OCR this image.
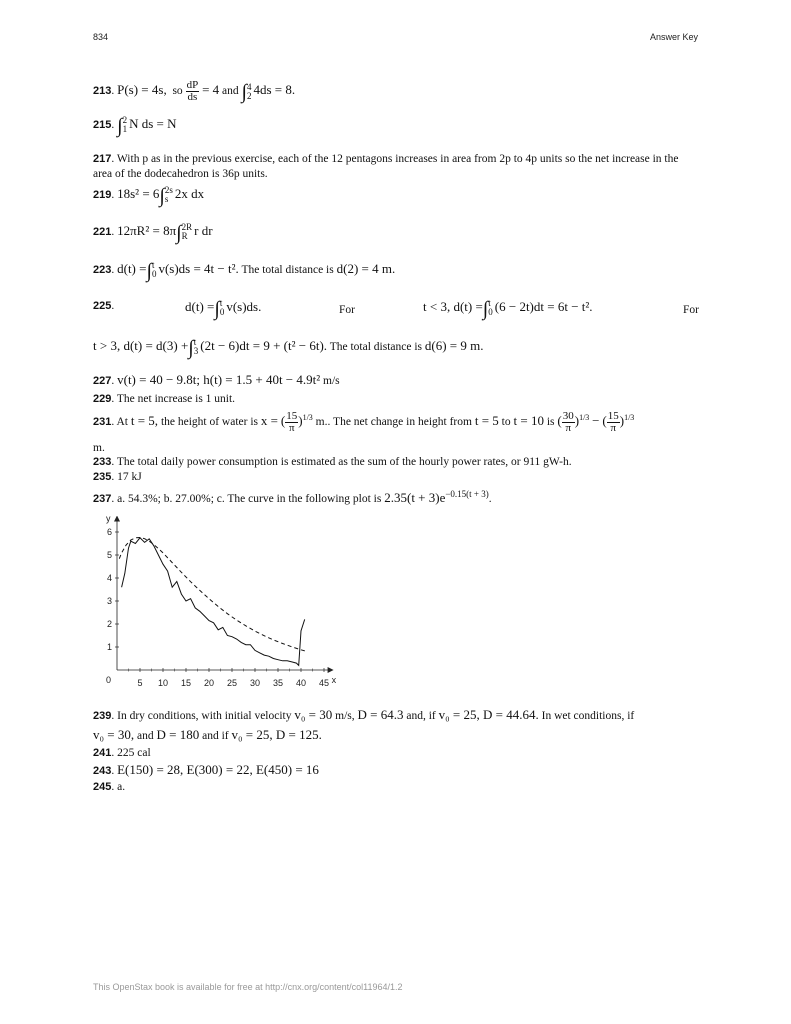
834	Answer Key
213. P(s) = 4s, so $\frac{dP}{ds} = 4$ and ∫ 4
2 4ds = 8.
215. ∫ 2
1 N ds = N
217. With p as in the previous exercise, each of the 12 pentagons increases in area from 2p to 4p units so the net increase in the area of the dodecahedron is 36p units.
219. 18s² = 6∫ 2s
s 2x dx
221. 12πR² = 8π∫ 2R
R r dr
223. d(t) =∫ t
0 v(s)ds = 4t − t². The total distance is d(2) = 4 m.
225.	d(t) =∫ t
0 v(s)ds.	For	t < 3, d(t) =∫ t
0 (6 − 2t)dt = 6t − t².	For
t > 3, d(t) = d(3) +∫ t
3 (2t − 6)dt = 9 + (t² − 6t). The total distance is d(6) = 9 m.
227. v(t) = 40 − 9.8t; h(t) = 1.5 + 40t − 4.9t² m/s
229. The net increase is 1 unit.
231. At t = 5, the height of water is x = ( $\frac{15}{\pi} )^{1/3}$ m.. The net change in height from t = 5 to t = 10 is ( $\frac{30}{\pi} )^{1/3}$ − ( $\frac{15}{\pi} )^{1/3}$
m.
233. The total daily power consumption is estimated as the sum of the hourly power rates, or 911 gW-h.
235. 17 kJ
237. a. 54.3%; b. 27.00%; c. The curve in the following plot is $2.35(t + 3)e^{-0.15(t + 3)}$.
x
y
0	5 10 15 20 25 30 35 40 45
1
2
3
4
5
6
239. In dry conditions, with initial velocity v₀ = 30 m/s, D = 64.3 and, if v₀ = 25, D = 44.64. In wet conditions, if
v₀ = 30, and D = 180 and if v₀ = 25, D = 125.
241. 225 cal
243. E(150) = 28, E(300) = 22, E(450) = 16
245. a.
This OpenStax book is available for free at http://cnx.org/content/col11964/1.2
